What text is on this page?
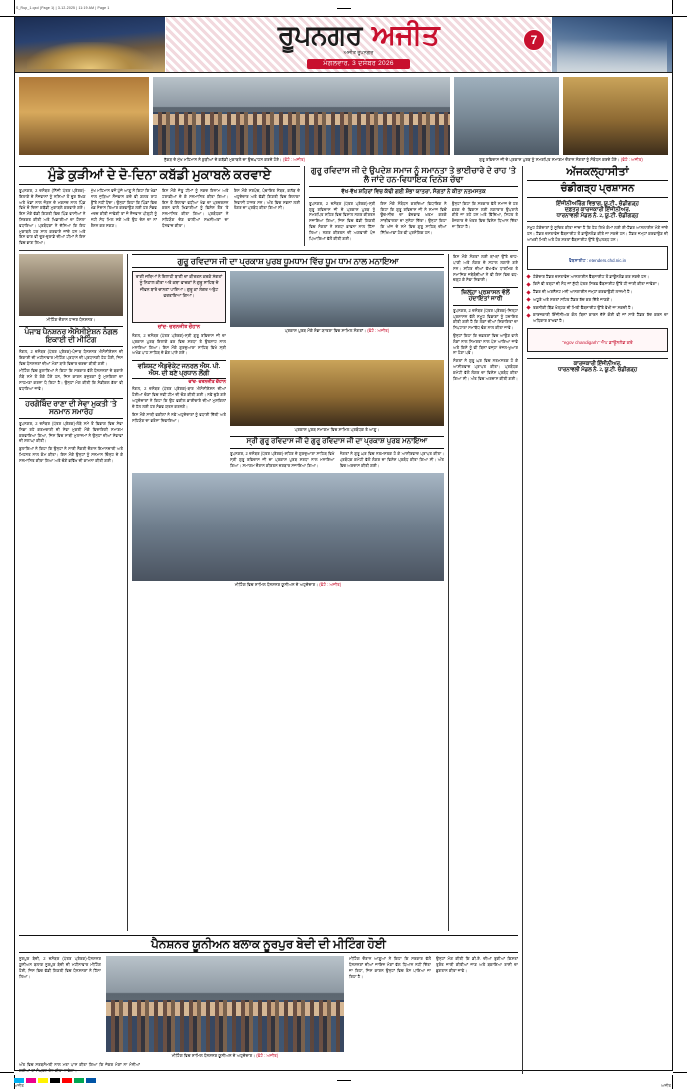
S_Rup_1.qxd (Page 1) | 3-12-2025 | 11:19 AM | Page 1
ਰੂਪਨਗਰ ਅਜੀਤ
ਅਜੀਤ ਰੂਪਨਗਰ
ਮੰਗਲਵਾਰ, 3 ਦਸੰਬਰ 2026
7
ਨੁੱਕੜ ਦੇ ਮੁੱਖ ਮਹਿਮਾਨ ਨੇ ਕੁੜੀਆਂ ਦੇ ਕਬੱਡੀ ਮੁਕਾਬਲੇ ਦਾ ਉਦਘਾਟਨ ਕਰਦੇ ਹੋਏ। (ਫੋਟੋ : ਅਜੀਤ)	ਗੁਰੂ ਰਵਿਦਾਸ ਜੀ ਦੇ ਪ੍ਰਕਾਸ਼ ਪੁਰਬ ਨੂੰ ਸਮਰਪਿਤ ਸਮਾਗਮ ਦੌਰਾਨ ਸੰਗਤਾਂ ਨੂੰ ਸੰਬੋਧਨ ਕਰਦੇ ਹੋਏ। (ਫੋਟੋ : ਅਜੀਤ)
ਮੁੰਡੇ ਕੁੜੀਆਂ ਦੇ ਦੋ-ਦਿਨਾ ਕਬੱਡੀ ਮੁਕਾਬਲੇ ਕਰਵਾਏ
ਰੂਪਨਗਰ, 2 ਦਸੰਬਰ (ਨਿੱਜੀ ਪੱਤਰ ਪ੍ਰੇਰਕ)-ਇਲਾਕੇ ਦੇ ਨੌਜਵਾਨਾਂ ਨੂੰ ਨਸ਼ਿਆਂ ਤੋਂ ਦੂਰ ਰੱਖਣ ਅਤੇ ਖੇਡਾਂ ਨਾਲ ਜੋੜਨ ਦੇ ਮਕਸਦ ਨਾਲ ਪਿੰਡ ਵਿਖੇ ਦੋ ਦਿਨਾ ਕਬੱਡੀ ਮੁਕਾਬਲੇ ਕਰਵਾਏ ਗਏ। ਇਸ ਮੌਕੇ ਵੱਡੀ ਗਿਣਤੀ ਵਿਚ ਪਿੰਡ ਵਾਸੀਆਂ ਨੇ ਸ਼ਿਰਕਤ ਕੀਤੀ ਅਤੇ ਖਿਡਾਰੀਆਂ ਦਾ ਹੌਸਲਾ ਵਧਾਇਆ। ਪ੍ਰਬੰਧਕਾਂ ਨੇ ਦੱਸਿਆ ਕਿ ਇਹ ਮੁਕਾਬਲੇ ਹਰ ਸਾਲ ਕਰਵਾਏ ਜਾਂਦੇ ਹਨ ਅਤੇ ਇਸ ਵਾਰ ਵੀ ਦੂਰ-ਦੁਰਾਡੇ ਦੀਆਂ ਟੀਮਾਂ ਨੇ ਇਸ ਵਿਚ ਭਾਗ ਲਿਆ।
ਮੁੱਖ ਮਹਿਮਾਨ ਵਜੋਂ ਪੁੱਜੇ ਆਗੂ ਨੇ ਕਿਹਾ ਕਿ ਖੇਡਾਂ ਨਾਲ ਜੁੜਿਆ ਨੌਜਵਾਨ ਕਦੇ ਵੀ ਗ਼ਲਤ ਰਾਹ ਉੱਤੇ ਨਹੀਂ ਪੈਂਦਾ। ਉਨ੍ਹਾਂ ਕਿਹਾ ਕਿ ਪਿੰਡਾਂ ਵਿਚ ਖੇਡ ਮੈਦਾਨ ਤਿਆਰ ਕਰਵਾਉਣ ਲਈ ਹਰ ਸੰਭਵ ਮਦਦ ਕੀਤੀ ਜਾਵੇਗੀ ਤਾਂ ਜੋ ਨੌਜਵਾਨ ਪੀੜ੍ਹੀ ਨੂੰ ਸਹੀ ਸੇਧ ਮਿਲ ਸਕੇ ਅਤੇ ਉਹ ਦੇਸ਼ ਦਾ ਨਾਂ ਰੌਸ਼ਨ ਕਰ ਸਕਣ।
ਇਸ ਮੌਕੇ ਜੇਤੂ ਟੀਮਾਂ ਨੂੰ ਨਕਦ ਇਨਾਮ ਅਤੇ ਟਰਾਫ਼ੀਆਂ ਦੇ ਕੇ ਸਨਮਾਨਿਤ ਕੀਤਾ ਗਿਆ। ਇਸ ਤੋਂ ਇਲਾਵਾ ਵਧੀਆ ਖੇਡ ਦਾ ਪ੍ਰਦਰਸ਼ਨ ਕਰਨ ਵਾਲੇ ਖਿਡਾਰੀਆਂ ਨੂੰ ਵਿਸ਼ੇਸ਼ ਤੌਰ 'ਤੇ ਸਨਮਾਨਿਤ ਕੀਤਾ ਗਿਆ। ਪ੍ਰਬੰਧਕਾਂ ਨੇ ਸਹਿਯੋਗ ਦੇਣ ਵਾਲੀਆਂ ਸਖ਼ਸ਼ੀਅਤਾਂ ਦਾ ਧੰਨਵਾਦ ਕੀਤਾ।
ਇਸ ਮੌਕੇ ਸਰਪੰਚ, ਪੰਚਾਇਤ ਮੈਂਬਰ, ਕਲੱਬ ਦੇ ਅਹੁਦੇਦਾਰ ਅਤੇ ਵੱਡੀ ਗਿਣਤੀ ਵਿਚ ਇਲਾਕਾ ਨਿਵਾਸੀ ਹਾਜ਼ਰ ਸਨ। ਅੰਤ ਵਿਚ ਸਭਨਾਂ ਲਈ ਲੰਗਰ ਦਾ ਪ੍ਰਬੰਧ ਕੀਤਾ ਗਿਆ ਸੀ।
ਗੁਰੂ ਰਵਿਦਾਸ ਜੀ ਦੇ ਉਪਦੇਸ਼ ਸਮਾਜ ਨੂੰ ਸਮਾਨਤਾ ਤੇ ਭਾਈਚਾਰੇ ਦੇ ਰਾਹ 'ਤੇ ਲੈ ਜਾਂਦੇ ਹਨ-ਵਿਧਾਇਕ ਦਿਨੇਸ਼ ਚੱਢਾ
ਵੱਖ-ਵੱਖ ਸ਼ਹਿਰਾਂ ਵਿਚ ਕੱਢੀ ਗਈ ਸ਼ੋਭਾ ਯਾਤਰਾ, ਸੰਗਤਾਂ ਨੇ ਕੀਤਾ ਨਤਮਸਤਕ
ਰੂਪਨਗਰ, 2 ਦਸੰਬਰ (ਪੱਤਰ ਪ੍ਰੇਰਕ)-ਸ੍ਰੀ ਗੁਰੂ ਰਵਿਦਾਸ ਜੀ ਦੇ ਪ੍ਰਕਾਸ਼ ਪੁਰਬ ਨੂੰ ਸਮਰਪਿਤ ਸ਼ਹਿਰ ਵਿਚ ਵਿਸ਼ਾਲ ਨਗਰ ਕੀਰਤਨ ਸਜਾਇਆ ਗਿਆ, ਜਿਸ ਵਿਚ ਵੱਡੀ ਗਿਣਤੀ ਵਿਚ ਸੰਗਤਾਂ ਨੇ ਸ਼ਰਧਾ ਭਾਵਨਾ ਨਾਲ ਹਿੱਸਾ ਲਿਆ। ਨਗਰ ਕੀਰਤਨ ਦੀ ਅਗਵਾਈ ਪੰਜ ਪਿਆਰਿਆਂ ਵੱਲੋਂ ਕੀਤੀ ਗਈ।
ਇਸ ਮੌਕੇ ਸੰਬੋਧਨ ਕਰਦਿਆਂ ਵਿਧਾਇਕ ਨੇ ਕਿਹਾ ਕਿ ਗੁਰੂ ਰਵਿਦਾਸ ਜੀ ਨੇ ਸਮਾਜ ਵਿਚੋਂ ਊਚ-ਨੀਚ ਦਾ ਭੇਦਭਾਵ ਖ਼ਤਮ ਕਰਕੇ ਸਾਂਝੀਵਾਲਤਾ ਦਾ ਸੁਨੇਹਾ ਦਿੱਤਾ। ਉਨ੍ਹਾਂ ਕਿਹਾ ਕਿ ਅੱਜ ਦੇ ਸਮੇਂ ਵਿਚ ਗੁਰੂ ਸਾਹਿਬ ਦੀਆਂ ਸਿੱਖਿਆਵਾਂ ਹੋਰ ਵੀ ਪ੍ਰਸੰਗਿਕ ਹਨ।
ਉਨ੍ਹਾਂ ਕਿਹਾ ਕਿ ਸਰਕਾਰ ਵੱਲੋਂ ਸਮਾਜ ਦੇ ਹਰ ਵਰਗ ਦੇ ਵਿਕਾਸ ਲਈ ਲਗਾਤਾਰ ਉਪਰਾਲੇ ਕੀਤੇ ਜਾ ਰਹੇ ਹਨ ਅਤੇ ਵਿੱਦਿਆ, ਸਿਹਤ ਤੇ ਰੋਜ਼ਗਾਰ ਦੇ ਖੇਤਰ ਵਿਚ ਵਿਸ਼ੇਸ਼ ਧਿਆਨ ਦਿੱਤਾ ਜਾ ਰਿਹਾ ਹੈ।
ਮੀਟਿੰਗ ਦੌਰਾਨ ਹਾਜ਼ਰ ਪੈਨਸ਼ਨਰ।
ਪੰਜਾਬ ਪੈਨਸ਼ਨਰ ਐਸੋਸੀਏਸ਼ਨ ਨੰਗਲ ਇਕਾਈ ਦੀ ਮੀਟਿੰਗ
ਨੰਗਲ, 2 ਦਸੰਬਰ (ਪੱਤਰ ਪ੍ਰੇਰਕ)-ਪੰਜਾਬ ਪੈਨਸ਼ਨਰ ਐਸੋਸੀਏਸ਼ਨ ਦੀ ਇਕਾਈ ਦੀ ਮਹੀਨਾਵਾਰ ਮੀਟਿੰਗ ਪ੍ਰਧਾਨ ਦੀ ਪ੍ਰਧਾਨਗੀ ਹੇਠ ਹੋਈ, ਜਿਸ ਵਿਚ ਪੈਨਸ਼ਨਰਾਂ ਦੀਆਂ ਮੰਗਾਂ ਬਾਰੇ ਵਿਚਾਰ ਚਰਚਾ ਕੀਤੀ ਗਈ।
ਮੀਟਿੰਗ ਵਿਚ ਬੁਲਾਰਿਆਂ ਨੇ ਕਿਹਾ ਕਿ ਸਰਕਾਰ ਵੱਲੋਂ ਪੈਨਸ਼ਨਰਾਂ ਦੇ ਬਕਾਏ ਲੰਬੇ ਸਮੇਂ ਤੋਂ ਰੋਕੇ ਹੋਏ ਹਨ, ਜਿਸ ਕਾਰਨ ਬਜ਼ੁਰਗਾਂ ਨੂੰ ਮੁਸ਼ਕਿਲਾਂ ਦਾ ਸਾਹਮਣਾ ਕਰਨਾ ਪੈ ਰਿਹਾ ਹੈ। ਉਨ੍ਹਾਂ ਮੰਗ ਕੀਤੀ ਕਿ ਮੈਡੀਕਲ ਭੱਤਾ ਵੀ ਵਧਾਇਆ ਜਾਵੇ।
ਹਰਗੋਬਿੰਦ ਰਾਣਾ ਦੀ ਸੇਵਾ ਮੁਕਤੀ 'ਤੇ ਸਨਮਾਨ ਸਮਾਰੋਹ
ਰੂਪਨਗਰ, 2 ਦਸੰਬਰ (ਪੱਤਰ ਪ੍ਰੇਰਕ)-ਲੰਬੇ ਸਮੇਂ ਤੋਂ ਵਿਭਾਗ ਵਿਚ ਸੇਵਾ ਨਿਭਾ ਰਹੇ ਕਰਮਚਾਰੀ ਦੀ ਸੇਵਾ ਮੁਕਤੀ ਮੌਕੇ ਵਿਦਾਇਗੀ ਸਮਾਗਮ ਕਰਵਾਇਆ ਗਿਆ, ਜਿਸ ਵਿਚ ਸਾਥੀ ਮੁਲਾਜ਼ਮਾਂ ਨੇ ਉਨ੍ਹਾਂ ਦੀਆਂ ਸੇਵਾਵਾਂ ਦੀ ਸ਼ਲਾਘਾ ਕੀਤੀ।
ਬੁਲਾਰਿਆਂ ਨੇ ਕਿਹਾ ਕਿ ਉਨ੍ਹਾਂ ਨੇ ਸਾਰੀ ਨੌਕਰੀ ਦੌਰਾਨ ਇਮਾਨਦਾਰੀ ਅਤੇ ਮਿਹਨਤ ਨਾਲ ਕੰਮ ਕੀਤਾ। ਇਸ ਮੌਕੇ ਉਨ੍ਹਾਂ ਨੂੰ ਸਨਮਾਨ ਚਿੰਨ੍ਹ ਦੇ ਕੇ ਸਨਮਾਨਿਤ ਕੀਤਾ ਗਿਆ ਅਤੇ ਚੰਗੇ ਭਵਿੱਖ ਦੀ ਕਾਮਨਾ ਕੀਤੀ ਗਈ।
ਗੁਰੂ ਰਵਿਦਾਸ ਜੀ ਦਾ ਪ੍ਰਕਾਸ਼ ਪੁਰਬ ਧੂਮਧਾਮ ਵਿੱਚ ਧੂਮ ਧਾਮ ਨਾਲ ਮਨਾਇਆ
ਰਾਗੀ ਜਥਿਆਂ ਨੇ ਇਲਾਹੀ ਬਾਣੀ ਦਾ ਕੀਰਤਨ ਕਰਕੇ ਸੰਗਤਾਂ ਨੂੰ ਨਿਹਾਲ ਕੀਤਾ ਅਤੇ ਕਥਾ ਵਾਚਕਾਂ ਨੇ ਗੁਰੂ ਸਾਹਿਬ ਦੇ ਜੀਵਨ ਬਾਰੇ ਚਾਨਣਾ ਪਾਇਆ। ਗੁਰੂ ਕਾ ਲੰਗਰ ਅਤੁੱਟ ਵਰਤਾਇਆ ਗਿਆ।
ਚਾਂਦ- ਚਰਨਜੀਤ ਚੌਹਾਨ
ਨੰਗਲ, 2 ਦਸੰਬਰ (ਪੱਤਰ ਪ੍ਰੇਰਕ)-ਸ੍ਰੀ ਗੁਰੂ ਰਵਿਦਾਸ ਜੀ ਦਾ ਪ੍ਰਕਾਸ਼ ਪੁਰਬ ਇਲਾਕੇ ਭਰ ਵਿਚ ਸ਼ਰਧਾ ਤੇ ਉਤਸ਼ਾਹ ਨਾਲ ਮਨਾਇਆ ਗਿਆ। ਇਸ ਮੌਕੇ ਗੁਰਦੁਆਰਾ ਸਾਹਿਬ ਵਿਖੇ ਸ੍ਰੀ ਅਖੰਡ ਪਾਠ ਸਾਹਿਬ ਦੇ ਭੋਗ ਪਾਏ ਗਏ।
ਪ੍ਰਕਾਸ਼ ਪੁਰਬ ਮੌਕੇ ਸ਼ੋਭਾ ਯਾਤਰਾ ਵਿਚ ਸ਼ਾਮਿਲ ਸੰਗਤਾਂ। (ਫੋਟੋ : ਅਜੀਤ)
ਵਸ਼ਿਸ਼ਟ ਐਡਵੋਕੇਟ ਜਨਰਲ ਐਸ. ਪੀ. ਐਸ. ਦੀ ਬਣੇ ਪ੍ਰਧਾਨ ਲੌਂਗੀ
ਚਾਂਦ- ਚਰਨਜੀਤ ਚੌਹਾਨ
ਨੰਗਲ, 2 ਦਸੰਬਰ (ਪੱਤਰ ਪ੍ਰੇਰਕ)-ਬਾਰ ਐਸੋਸੀਏਸ਼ਨ ਦੀਆਂ ਹੋਈਆਂ ਚੋਣਾਂ ਵਿਚ ਨਵੀਂ ਟੀਮ ਦੀ ਚੋਣ ਕੀਤੀ ਗਈ। ਨਵੇਂ ਚੁਣੇ ਗਏ ਅਹੁਦੇਦਾਰਾਂ ਨੇ ਕਿਹਾ ਕਿ ਉਹ ਵਕੀਲ ਭਾਈਚਾਰੇ ਦੀਆਂ ਮੁਸ਼ਕਿਲਾਂ ਦੇ ਹੱਲ ਲਈ ਹਰ ਸੰਭਵ ਯਤਨ ਕਰਨਗੇ।
ਇਸ ਮੌਕੇ ਸਾਥੀ ਵਕੀਲਾਂ ਨੇ ਨਵੇਂ ਅਹੁਦੇਦਾਰਾਂ ਨੂੰ ਵਧਾਈ ਦਿੱਤੀ ਅਤੇ ਸਹਿਯੋਗ ਦਾ ਭਰੋਸਾ ਦਿਵਾਇਆ।
ਪ੍ਰਕਾਸ਼ ਪੁਰਬ ਸਮਾਗਮ ਵਿਚ ਸ਼ਾਮਿਲ ਪ੍ਰਬੰਧਕ ਤੇ ਆਗੂ।
ਸ੍ਰੀ ਗੁਰੂ ਰਵਿਦਾਸ ਜੀ ਦੇ ਗੁਰੂ ਰਵਿਦਾਸ ਜੀ ਦਾ ਪ੍ਰਕਾਸ਼ ਪੁਰਬ ਮਨਾਇਆ
ਰੂਪਨਗਰ, 2 ਦਸੰਬਰ (ਪੱਤਰ ਪ੍ਰੇਰਕ)-ਸ਼ਹਿਰ ਦੇ ਗੁਰਦੁਆਰਾ ਸਾਹਿਬ ਵਿਖੇ ਸ੍ਰੀ ਗੁਰੂ ਰਵਿਦਾਸ ਜੀ ਦਾ ਪ੍ਰਕਾਸ਼ ਪੁਰਬ ਸ਼ਰਧਾ ਨਾਲ ਮਨਾਇਆ ਗਿਆ। ਸਮਾਗਮ ਦੌਰਾਨ ਕੀਰਤਨ ਦਰਬਾਰ ਸਜਾਇਆ ਗਿਆ।
ਸੰਗਤਾਂ ਨੇ ਗੁਰੂ ਘਰ ਵਿਚ ਨਤਮਸਤਕ ਹੋ ਕੇ ਆਸ਼ੀਰਵਾਦ ਪ੍ਰਾਪਤ ਕੀਤਾ। ਪ੍ਰਬੰਧਕ ਕਮੇਟੀ ਵੱਲੋਂ ਲੰਗਰ ਦਾ ਵਿਸ਼ੇਸ਼ ਪ੍ਰਬੰਧ ਕੀਤਾ ਗਿਆ ਸੀ। ਅੰਤ ਵਿਚ ਅਰਦਾਸ ਕੀਤੀ ਗਈ।
ਮੀਟਿੰਗ ਵਿਚ ਸ਼ਾਮਿਲ ਪੈਨਸ਼ਨਰ ਯੂਨੀਅਨ ਦੇ ਅਹੁਦੇਦਾਰ। (ਫੋਟੋ : ਅਜੀਤ)
ਇਸ ਮੌਕੇ ਸੰਗਤਾਂ ਲਈ ਥਾਂ-ਥਾਂ ਉੱਤੇ ਚਾਹ-ਪਾਣੀ ਅਤੇ ਲੰਗਰ ਦੇ ਸਟਾਲ ਲਗਾਏ ਗਏ ਸਨ। ਸ਼ਹਿਰ ਦੀਆਂ ਵੱਖ-ਵੱਖ ਧਾਰਮਿਕ ਤੇ ਸਮਾਜਿਕ ਜਥੇਬੰਦੀਆਂ ਨੇ ਵੀ ਇਸ ਵਿਚ ਵਧ-ਚੜ੍ਹ ਕੇ ਸੇਵਾ ਨਿਭਾਈ।
ਜ਼ਿਲ੍ਹਾ ਪ੍ਰਸ਼ਾਸਨ ਵੱਲੋਂ ਹਦਾਇਤਾਂ ਜਾਰੀ
ਰੂਪਨਗਰ, 2 ਦਸੰਬਰ (ਪੱਤਰ ਪ੍ਰੇਰਕ)-ਜ਼ਿਲ੍ਹਾ ਪ੍ਰਸ਼ਾਸਨ ਵੱਲੋਂ ਸਮੂਹ ਵਿਭਾਗਾਂ ਨੂੰ ਹਦਾਇਤ ਕੀਤੀ ਗਈ ਹੈ ਕਿ ਲੋਕਾਂ ਦੀਆਂ ਸ਼ਿਕਾਇਤਾਂ ਦਾ ਨਿਪਟਾਰਾ ਸਮਾਂਬੱਧ ਢੰਗ ਨਾਲ ਕੀਤਾ ਜਾਵੇ।
ਉਨ੍ਹਾਂ ਕਿਹਾ ਕਿ ਦਫ਼ਤਰਾਂ ਵਿਚ ਆਉਣ ਵਾਲੇ ਲੋਕਾਂ ਨਾਲ ਨਿਮਰਤਾ ਨਾਲ ਪੇਸ਼ ਆਇਆ ਜਾਵੇ ਅਤੇ ਕਿਸੇ ਨੂੰ ਵੀ ਬਿਨਾਂ ਵਜ੍ਹਾ ਖੱਜਲ-ਖੁਆਰ ਨਾ ਹੋਣਾ ਪਵੇ।
ਸੰਗਤਾਂ ਨੇ ਗੁਰੂ ਘਰ ਵਿਚ ਨਤਮਸਤਕ ਹੋ ਕੇ ਆਸ਼ੀਰਵਾਦ ਪ੍ਰਾਪਤ ਕੀਤਾ। ਪ੍ਰਬੰਧਕ ਕਮੇਟੀ ਵੱਲੋਂ ਲੰਗਰ ਦਾ ਵਿਸ਼ੇਸ਼ ਪ੍ਰਬੰਧ ਕੀਤਾ ਗਿਆ ਸੀ। ਅੰਤ ਵਿਚ ਅਰਦਾਸ ਕੀਤੀ ਗਈ।
ਪੈਨਸ਼ਨਰ ਯੂਨੀਅਨ ਬਲਾਕ ਨੂਰਪੁਰ ਬੇਦੀ ਦੀ ਮੀਟਿੰਗ ਹੋਈ
ਨੂਰਪੁਰ ਬੇਦੀ, 2 ਦਸੰਬਰ (ਪੱਤਰ ਪ੍ਰੇਰਕ)-ਪੈਨਸ਼ਨਰ ਯੂਨੀਅਨ ਬਲਾਕ ਨੂਰਪੁਰ ਬੇਦੀ ਦੀ ਮਹੀਨਾਵਾਰ ਮੀਟਿੰਗ ਹੋਈ, ਜਿਸ ਵਿਚ ਵੱਡੀ ਗਿਣਤੀ ਵਿਚ ਪੈਨਸ਼ਨਰਾਂ ਨੇ ਹਿੱਸਾ ਲਿਆ।
ਮੀਟਿੰਗ ਵਿਚ ਸ਼ਾਮਿਲ ਪੈਨਸ਼ਨਰ ਯੂਨੀਅਨ ਦੇ ਅਹੁਦੇਦਾਰ। (ਫੋਟੋ : ਅਜੀਤ)
ਮੀਟਿੰਗ ਦੌਰਾਨ ਆਗੂਆਂ ਨੇ ਕਿਹਾ ਕਿ ਸਰਕਾਰ ਵੱਲੋਂ ਪੈਨਸ਼ਨਰਾਂ ਦੀਆਂ ਜਾਇਜ਼ ਮੰਗਾਂ ਵੱਲ ਧਿਆਨ ਨਹੀਂ ਦਿੱਤਾ ਜਾ ਰਿਹਾ, ਜਿਸ ਕਾਰਨ ਉਨ੍ਹਾਂ ਵਿਚ ਰੋਸ ਪਾਇਆ ਜਾ ਰਿਹਾ ਹੈ।
ਉਨ੍ਹਾਂ ਮੰਗ ਕੀਤੀ ਕਿ ਡੀ.ਏ. ਦੀਆਂ ਰੁਕੀਆਂ ਕਿਸ਼ਤਾਂ ਤੁਰੰਤ ਜਾਰੀ ਕੀਤੀਆਂ ਜਾਣ ਅਤੇ ਬਕਾਇਆ ਰਾਸ਼ੀ ਦਾ ਭੁਗਤਾਨ ਕੀਤਾ ਜਾਵੇ।
ਅੰਤ ਵਿਚ ਸਰਬਸੰਮਤੀ ਨਾਲ ਮਤਾ ਪਾਸ ਕੀਤਾ ਗਿਆ ਕਿ ਜੇਕਰ ਮੰਗਾਂ ਨਾ ਮੰਨੀਆਂ ਗਈਆਂ ਤਾਂ ਸੰਘਰਸ਼ ਤੇਜ਼ ਕੀਤਾ ਜਾਵੇਗਾ।
ਅੱਜਕਲ੍ਹਾਸੀਤਾਂ
ਚੰਡੀਗੜ੍ਹ ਪ੍ਰਸ਼ਾਸਨ
ਇੰਜੀਨੀਅਰਿੰਗ ਵਿਭਾਗ, ਯੂ.ਟੀ., ਚੰਡੀਗੜ੍ਹ
ਦਫ਼ਤਰ ਕਾਰਜਕਾਰੀ ਇੰਜੀਨੀਅਰ,
ਧਾਰਨਾਵਲੀ ਮੰਡਲ ਨੰ. 2, ਯੂ.ਟੀ. ਚੰਡੀਗੜ੍ਹ
ਸਮੂਹ ਠੇਕੇਦਾਰਾਂ ਨੂੰ ਸੂਚਿਤ ਕੀਤਾ ਜਾਂਦਾ ਹੈ ਕਿ ਹੇਠ ਲਿਖੇ ਕੰਮਾਂ ਲਈ ਈ-ਟੈਂਡਰ ਆਨਲਾਈਨ ਮੰਗੇ ਜਾਂਦੇ ਹਨ। ਟੈਂਡਰ ਦਸਤਾਵੇਜ਼ ਵੈੱਬਸਾਈਟ ਤੋਂ ਡਾਊਨਲੋਡ ਕੀਤੇ ਜਾ ਸਕਦੇ ਹਨ। ਟੈਂਡਰ ਜਮ੍ਹਾਂ ਕਰਵਾਉਣ ਦੀ ਆਖ਼ਰੀ ਮਿਤੀ ਅਤੇ ਹੋਰ ਸ਼ਰਤਾਂ ਵੈੱਬਸਾਈਟ ਉੱਤੇ ਉਪਲਬਧ ਹਨ।
ਵੈੱਬਸਾਈਟ : etenders.chd.nic.in
ਠੇਕੇਦਾਰ ਟੈਂਡਰ ਦਸਤਾਵੇਜ਼ ਆਨਲਾਈਨ ਵੈੱਬਸਾਈਟ ਤੋਂ ਡਾਊਨਲੋਡ ਕਰ ਸਕਦੇ ਹਨ।
ਕਿਸੇ ਵੀ ਤਰ੍ਹਾਂ ਦੀ ਸੋਧ ਜਾਂ ਸ਼ੁੱਧੀ ਪੱਤਰ ਸਿਰਫ਼ ਵੈੱਬਸਾਈਟ ਉੱਤੇ ਹੀ ਜਾਰੀ ਕੀਤਾ ਜਾਵੇਗਾ।
ਟੈਂਡਰ ਦੀ ਅਰਨੈਸਟ ਮਨੀ ਆਨਲਾਈਨ ਜਮ੍ਹਾਂ ਕਰਵਾਉਣੀ ਲਾਜ਼ਮੀ ਹੈ।
ਅਧੂਰੇ ਅਤੇ ਸ਼ਰਤਾਂ ਸਹਿਤ ਟੈਂਡਰ ਰੱਦ ਕਰ ਦਿੱਤੇ ਜਾਣਗੇ।
ਤਕਨੀਕੀ ਬਿੱਡ ਖੋਲ੍ਹਣ ਦੀ ਮਿਤੀ ਵੈੱਬਸਾਈਟ ਉੱਤੇ ਵੇਖੀ ਜਾ ਸਕਦੀ ਹੈ।
ਕਾਰਜਕਾਰੀ ਇੰਜੀਨੀਅਰ ਕੋਲ ਬਿਨਾਂ ਕਾਰਨ ਦੱਸੇ ਕੋਈ ਵੀ ਜਾਂ ਸਾਰੇ ਟੈਂਡਰ ਰੱਦ ਕਰਨ ਦਾ ਅਧਿਕਾਰ ਰਾਖਵਾਂ ਹੈ।
"egov chandigarh" ਐਪ ਡਾਊਨਲੋਡ ਕਰੋ
ਕਾਰਜਕਾਰੀ ਇੰਜੀਨੀਅਰ,
ਧਾਰਨਾਵਲੀ ਮੰਡਲ ਨੰ. 2, ਯੂ.ਟੀ. ਚੰਡੀਗੜ੍ਹ
ਅਜੀਤ	ਅਜੀਤ
